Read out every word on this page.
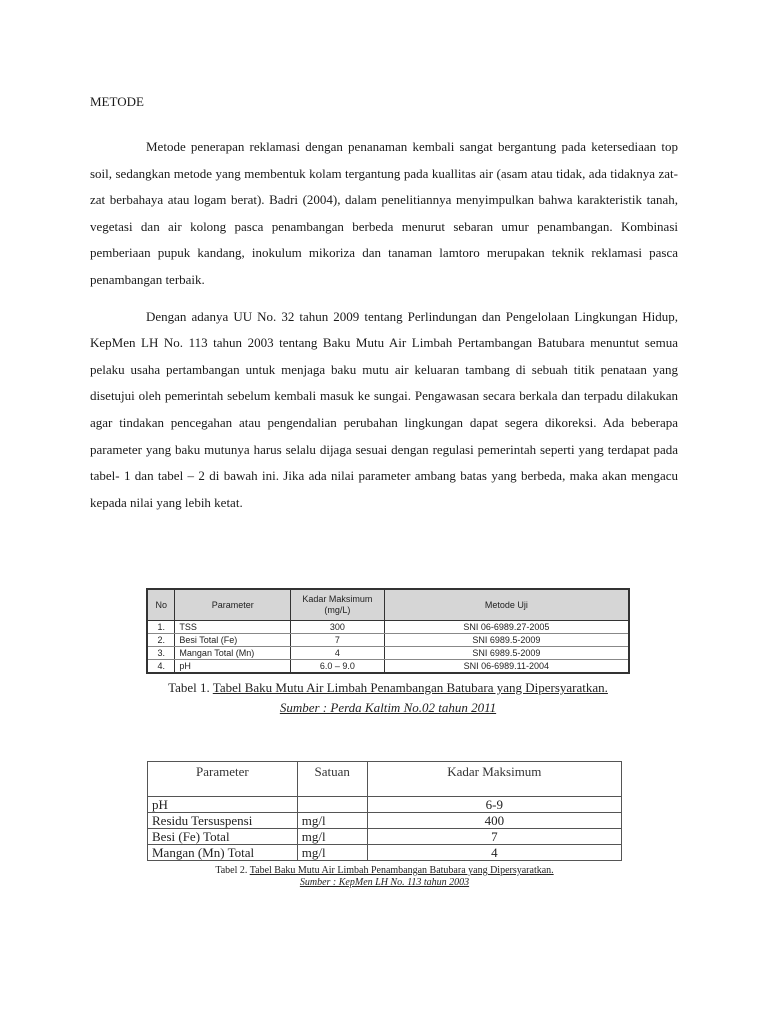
METODE

Metode penerapan reklamasi dengan penanaman kembali sangat bergantung pada ketersediaan top soil, sedangkan metode yang membentuk kolam tergantung pada kuallitas air (asam atau tidak, ada tidaknya zat-zat berbahaya atau logam berat). Badri (2004), dalam penelitiannya menyimpulkan bahwa karakteristik tanah, vegetasi dan air kolong pasca penambangan berbeda menurut sebaran umur penambangan. Kombinasi pemberiaan pupuk kandang, inokulum mikoriza dan tanaman lamtoro merupakan teknik reklamasi pasca penambangan terbaik.

Dengan adanya UU No. 32 tahun 2009 tentang Perlindungan dan Pengelolaan Lingkungan Hidup, KepMen LH No. 113 tahun 2003 tentang Baku Mutu Air Limbah Pertambangan Batubara menuntut semua pelaku usaha pertambangan untuk menjaga baku mutu air keluaran tambang di sebuah titik penataan yang disetujui oleh pemerintah sebelum kembali masuk ke sungai. Pengawasan secara berkala dan terpadu dilakukan agar tindakan pencegahan atau pengendalian perubahan lingkungan dapat segera dikoreksi. Ada beberapa parameter yang baku mutunya harus selalu dijaga sesuai dengan regulasi pemerintah seperti yang terdapat pada tabel- 1 dan tabel – 2 di bawah ini. Jika ada nilai parameter ambang batas yang berbeda, maka akan mengacu kepada nilai yang lebih ketat.

No	Parameter	Kadar Maksimum (mg/L)	Metode Uji
1.	TSS	300	SNI 06-6989.27-2005
2.	Besi Total (Fe)	7	SNI 6989.5-2009
3.	Mangan Total (Mn)	4	SNI 6989.5-2009
4.	pH	6.0 – 9.0	SNI 06-6989.11-2004
Tabel 1. Tabel Baku Mutu Air Limbah Penambangan Batubara yang Dipersyaratkan.
Sumber : Perda Kaltim No.02 tahun 2011
Parameter	Satuan	Kadar Maksimum
pH		6-9
Residu Tersuspensi	mg/l	400
Besi (Fe) Total	mg/l	7
Mangan (Mn) Total	mg/l	4
Tabel 2. Tabel Baku Mutu Air Limbah Penambangan Batubara yang Dipersyaratkan.
Sumber : KepMen LH No. 113 tahun 2003
